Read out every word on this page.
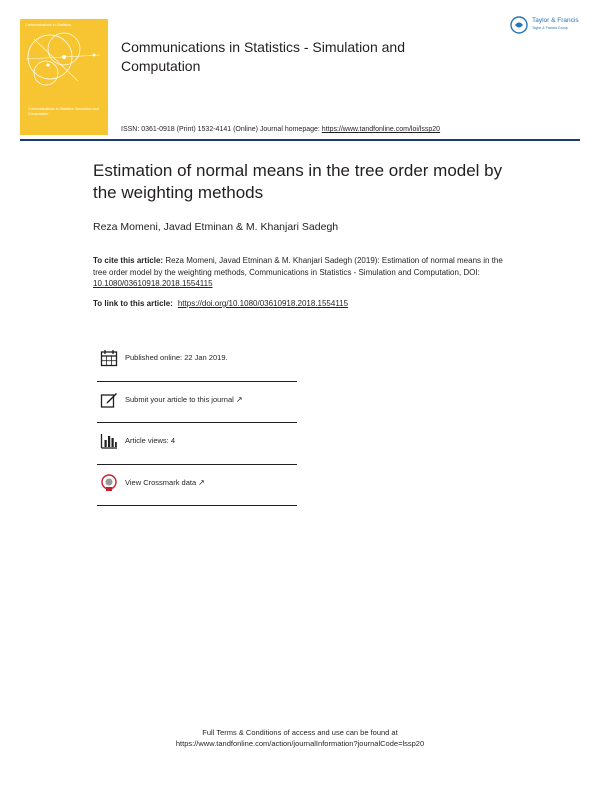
Communications in Statistics
Communications in Statistics Simulation and Computation
Taylor & Francis
Communications in Statistics - Simulation and Computation
Taylor & Francis
Taylor & Francis Group
ISSN: 0361-0918 (Print) 1532-4141 (Online) Journal homepage: https://www.tandfonline.com/loi/lssp20
Estimation of normal means in the tree order model by the weighting methods
Reza Momeni, Javad Etminan & M. Khanjari Sadegh
To cite this article: Reza Momeni, Javad Etminan & M. Khanjari Sadegh (2019): Estimation of normal means in the tree order model by the weighting methods, Communications in Statistics - Simulation and Computation, DOI: 10.1080/03610918.2018.1554115
To link to this article: https://doi.org/10.1080/03610918.2018.1554115
Published online: 22 Jan 2019.
Submit your article to this journal ↗
Article views: 4
View Crossmark data ↗
Full Terms & Conditions of access and use can be found at
https://www.tandfonline.com/action/journalInformation?journalCode=lssp20
